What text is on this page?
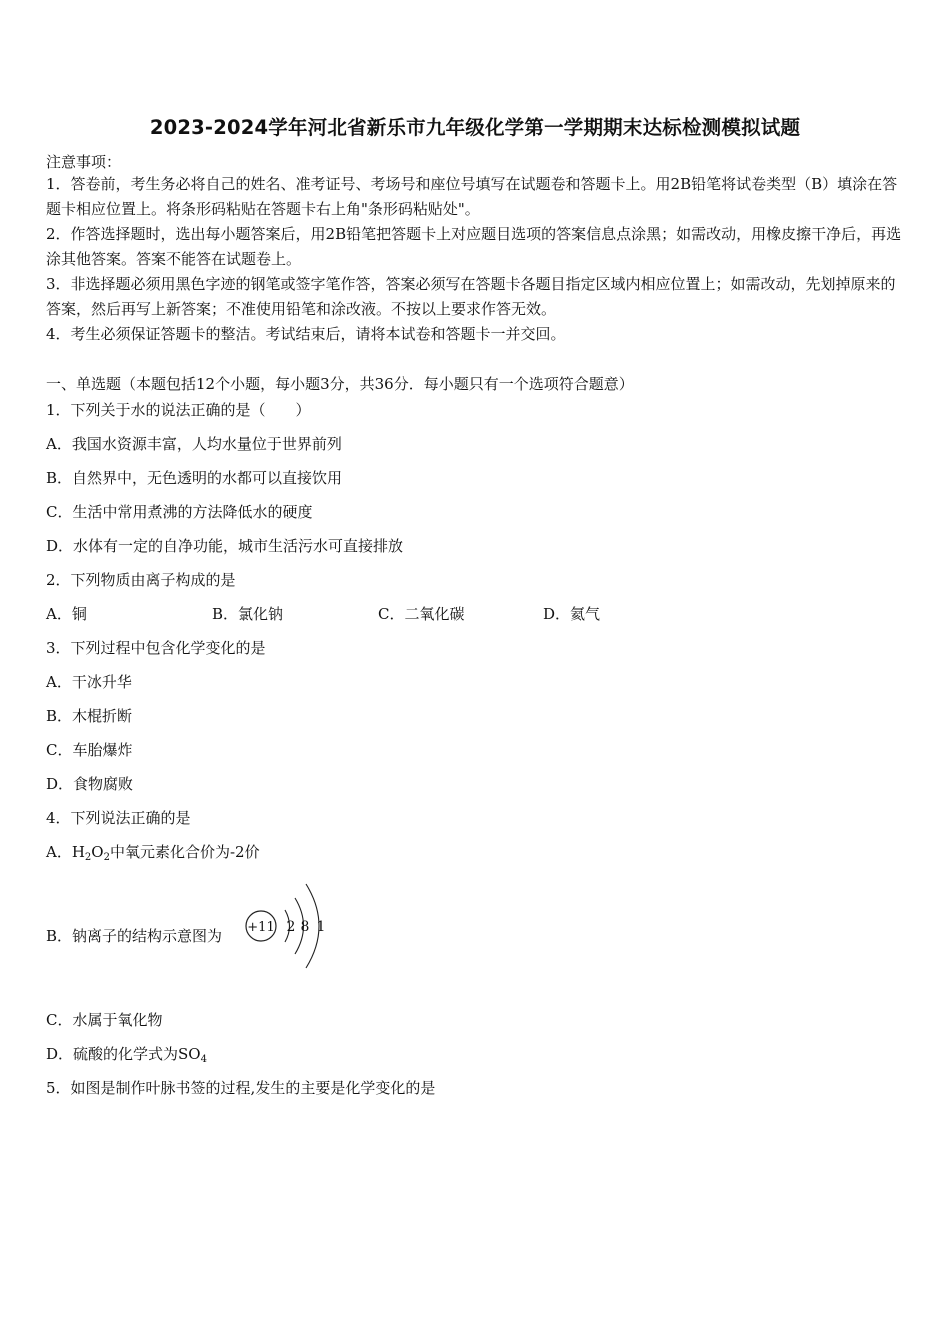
2023-2024学年河北省新乐市九年级化学第一学期期末达标检测模拟试题
注意事项：
1．答卷前，考生务必将自己的姓名、准考证号、考场号和座位号填写在试题卷和答题卡上。用2B铅笔将试卷类型（B）填涂在答题卡相应位置上。将条形码粘贴在答题卡右上角"条形码粘贴处"。
2．作答选择题时，选出每小题答案后，用2B铅笔把答题卡上对应题目选项的答案信息点涂黑；如需改动，用橡皮擦干净后，再选涂其他答案。答案不能答在试题卷上。
3．非选择题必须用黑色字迹的钢笔或签字笔作答，答案必须写在答题卡各题目指定区域内相应位置上；如需改动，先划掉原来的答案，然后再写上新答案；不准使用铅笔和涂改液。不按以上要求作答无效。
4．考生必须保证答题卡的整洁。考试结束后，请将本试卷和答题卡一并交回。
一、单选题（本题包括12个小题，每小题3分，共36分．每小题只有一个选项符合题意）
1．下列关于水的说法正确的是（　　）
A．我国水资源丰富，人均水量位于世界前列
B．自然界中，无色透明的水都可以直接饮用
C．生活中常用煮沸的方法降低水的硬度
D．水体有一定的自净功能，城市生活污水可直接排放
2．下列物质由离子构成的是
A．铜	B．氯化钠	C．二氧化碳	D．氦气
3．下列过程中包含化学变化的是
A．干冰升华
B．木棍折断
C．车胎爆炸
D．食物腐败
4．下列说法正确的是
A．$H_2O_2$中氧元素化合价为-2价
B．钠离子的结构示意图为 +11 2 8 1
C．水属于氧化物
D．硫酸的化学式为$SO_4$
5．如图是制作叶脉书签的过程,发生的主要是化学变化的是
